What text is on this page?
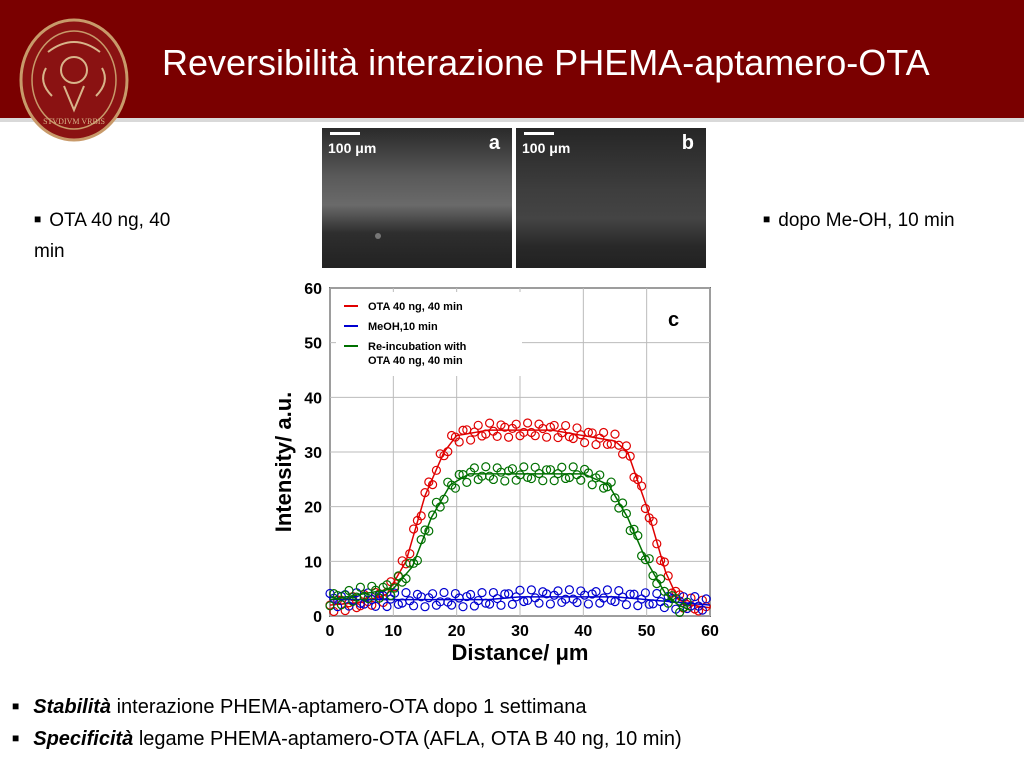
STVDIVM VRBIS
Reversibilità interazione PHEMA-aptamero-OTA
■ OTA 40 ng, 40
min
■ dopo Me-OH, 10 min
100 μm	a 100 μm	b
0	10	20	30	40	50	60
0
10
20
30
40
50
60
OTA 40 ng, 40 min
MeOH,10 min
Re-incubation with
OTA 40 ng, 40 min
c
Intensity/ a.u.
Distance/ μm
■ Stabilità interazione PHEMA-aptamero-OTA dopo 1 settimana
■ Specificità legame PHEMA-aptamero-OTA (AFLA, OTA B 40 ng, 10 min)
